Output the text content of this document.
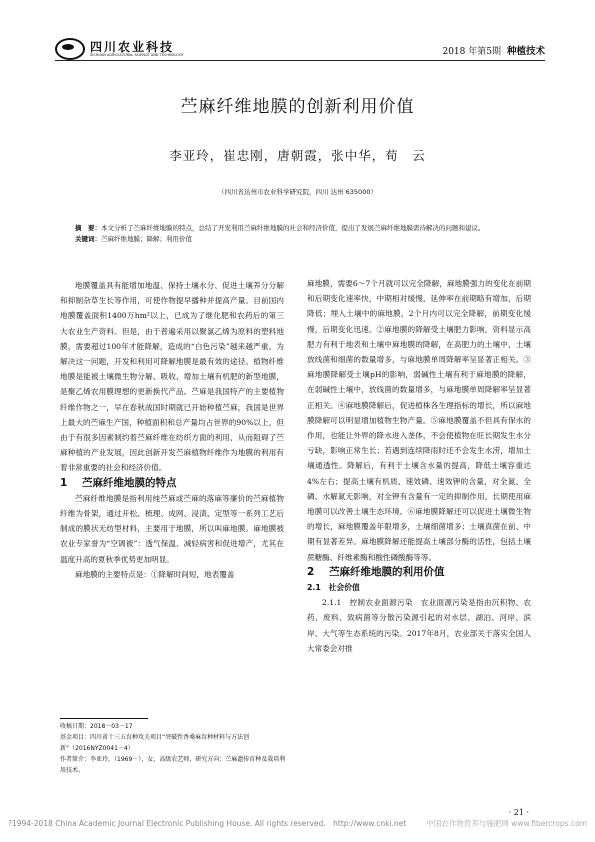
四川农业科技
SICHUAN AGRICULTURAL SCIENCE AND TECHNOLOGY	2018 年第5期 种植技术
苎麻纤维地膜的创新利用价值
李亚玲，崔忠刚，唐朝霞，张中华，荀　云
（四川省达州市农业科学研究院，四川 达州 635000）
摘　要：本文分析了苎麻纤维地膜的特点，总结了开发利用苎麻纤维地膜的社会和经济价值，提出了发展苎麻纤维地膜需待解决的问题和建议。
关键词：苎麻纤维地膜；降解；利用价值

地膜覆盖具有能增加地温、保持土壤水分、促进土壤养分分解和抑制杂草生长等作用，可使作物提早播种并提高产量。目前国内地膜覆盖面积1400万hm²以上，已成为了继化肥和农药后的第三大农业生产资料。但是，由于普遍采用以聚氯乙烯为原料的塑料地膜，需要超过100年才能降解，造成的“白色污染”越来越严重。为解决这一问题，开发和利用可降解地膜是最有效的途径。植物纤维地膜是能被土壤微生物分解、吸收、增加土壤有机肥的新型地膜，是聚乙烯农用膜理想的更新换代产品。苎麻是我国特产的主要植物纤维作物之一，早在春秋战国时期就已开始种植苎麻，我国是世界上最大的苎麻生产国，种植面积和总产量均占世界的90%以上，但由于有很多因素制约着苎麻纤维在纺织方面的利用，从而阻碍了苎麻种植的产业发展，因此创新开发苎麻植物纤维作为地膜的利用有着非常重要的社会和经济价值。

1 苎麻纤维地膜的特点

苎麻纤维地膜是指利用纯苎麻或苎麻的落麻等廉价的苎麻植物纤维为骨架，通过开松、梳理、成网、浸渍、定型等一系列工艺后制成的膜状无纺型材料，主要用于地膜，所以叫麻地膜。麻地膜被农业专家誉为“空调被”：透气保温、减轻病害和促进增产，尤其在温度升高的夏秋季优势更加明显。

麻地膜的主要特点是：①降解时间短，地表覆盖

麻地膜，需要6～7个月就可以完全降解，麻地膜强力的变化在前期和后期变化速率快，中期相对缓慢，延伸率在前期略有增加，后期降低；埋入土壤中的麻地膜，2个月内可以完全降解，前期变化缓慢，后期变化迅速。②麻地膜的降解受土壤肥力影响，资料显示高肥力有利于地表和土壤中麻地膜的降解，在高肥力的土壤中，土壤放线菌和细菌的数量增多，与麻地膜单周降解率呈显著正相关。③麻地膜降解受土壤pH的影响，弱碱性土壤有利于麻地膜的降解，在弱碱性土壤中，放线菌的数量增多，与麻地膜单周降解率呈显著正相关。④麻地膜降解后，促进植株各生理指标的增长，所以麻地膜降解可以明显增加植物生物产量。⑤麻地膜覆盖不但具有保水的作用，也能让外界的降水进入垄体，不会使植物在旺长期发生水分亏缺，影响正常生长；若遇到连续降雨时还不会发生水涝，增加土壤通透性。降解后，有利于土壤含水量的提高，降低土壤容重达4%左右；提高土壤有机质、速效磷、速效钾的含量，对全氮、全磷、水解氮无影响，对全钾有含量有一定的抑制作用，长期使用麻地膜可以改善土壤生态环境。⑥麻地膜降解还可以促进土壤微生物的增长，麻地膜覆盖年限增多，土壤细菌增多；土壤真菌在前、中期有显著差异。麻地膜降解还能提高土壤部分酶的活性，包括土壤蔗糖酶、纤维素酶和酸性磷酸酶等等。

2 苎麻纤维地膜的利用价值

2.1　社会价值

2.1.1　控制农业面源污染　农业面源污染是指由沉积物、农药、废料、致病菌等分散污染源引起的对水层、湖泊、河岸、滨岸、大气等生态系统的污染。2017年8月，农业部关于落实全国人大常委会对推

收稿日期：2018－03－17
基金项目：四川省十三五育种攻关项目“突破性香桑麻育种材料与方法创新”（2016NYZ0041－4）
作者简介：李亚玲，（1969－），女，高级农艺师，研究方向：苎麻遗传育种及栽培利用技术。
· 21 ·
?1994-2018 China Academic Journal Electronic Publishing House. All rights reserved.　http://www.cnki.net	中国农作物营养与施肥网 www.fibercrops.com
